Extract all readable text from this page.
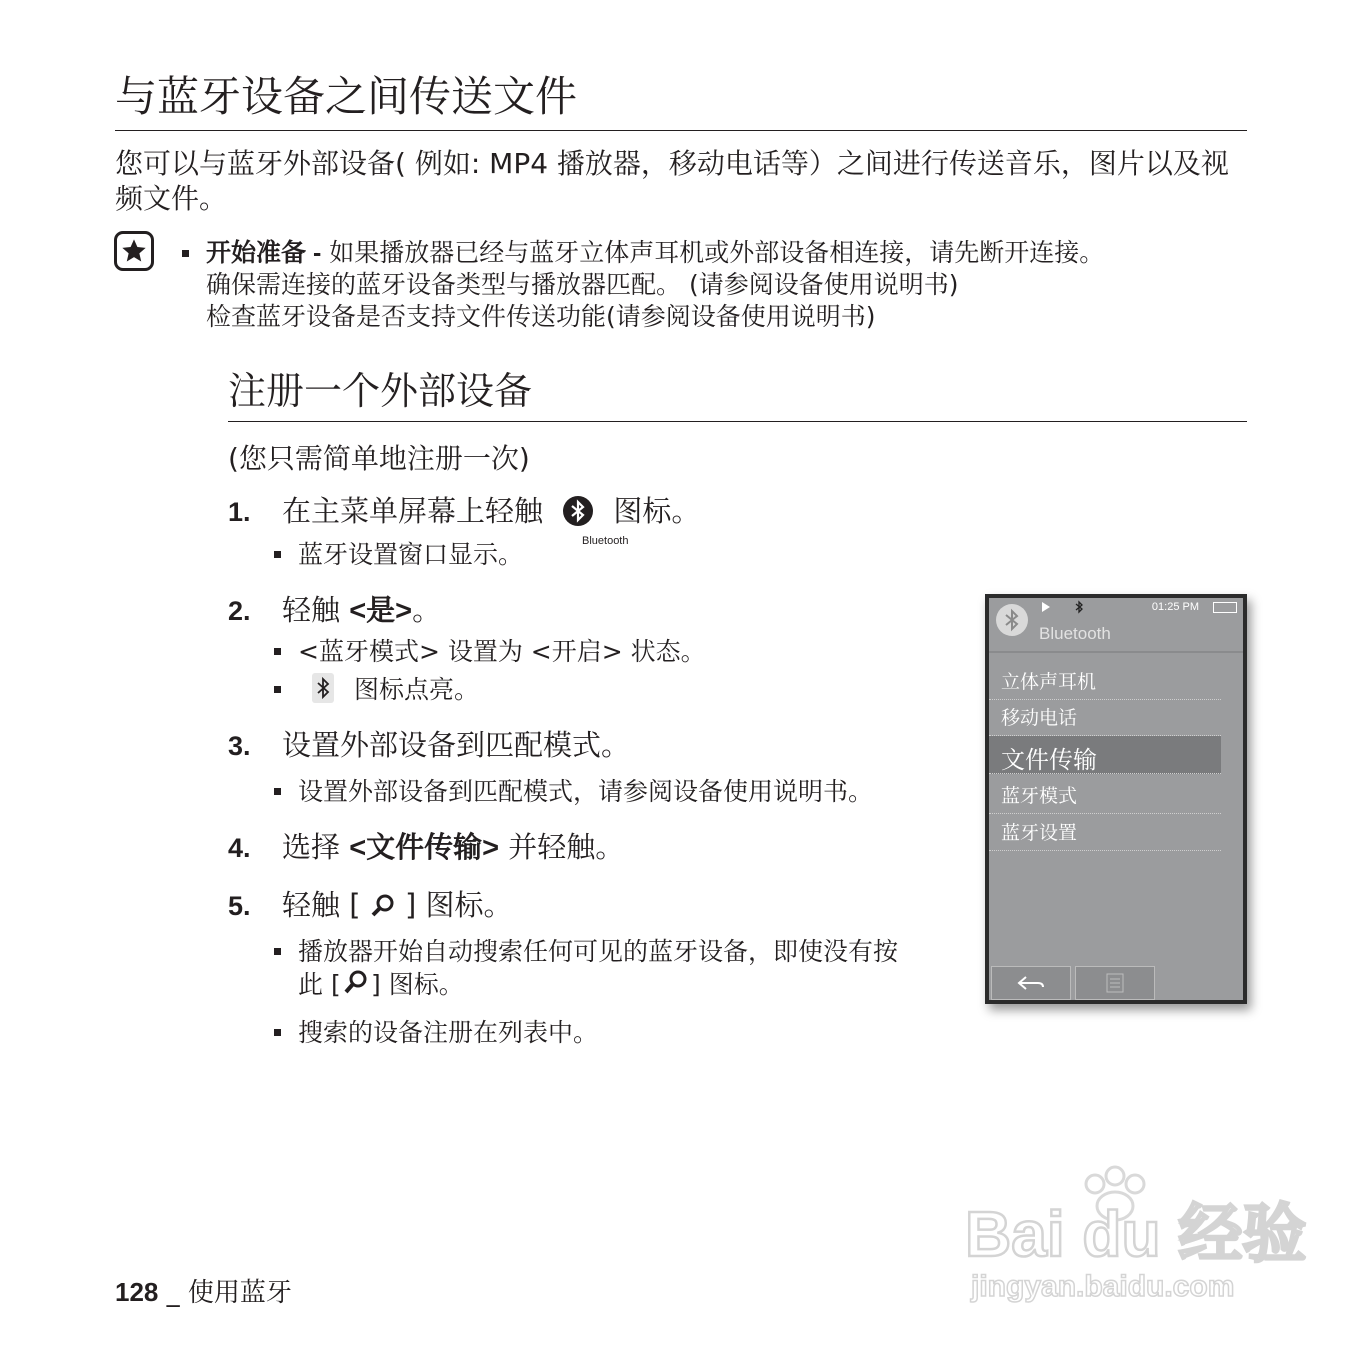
与蓝牙设备之间传送文件
您可以与蓝牙外部设备( 例如: MP4 播放器，移动电话等）之间进行传送音乐，图片以及视频文件。
开始准备 - 如果播放器已经与蓝牙立体声耳机或外部设备相连接，请先断开连接。
确保需连接的蓝牙设备类型与播放器匹配。 (请参阅设备使用说明书)
检查蓝牙设备是否支持文件传送功能(请参阅设备使用说明书)
注册一个外部设备
(您只需简单地注册一次)
1. 在主菜单屏幕上轻触  图标。
Bluetooth
蓝牙设置窗口显示。
2. 轻触 <是>。
<蓝牙模式> 设置为 <开启> 状态。
图标点亮。
3. 设置外部设备到匹配模式。
设置外部设备到匹配模式，请参阅设备使用说明书。
4. 选择 <文件传输> 并轻触。
5. 轻触 [  ] 图标。
播放器开始自动搜索任何可见的蓝牙设备，即使没有按
此 [ ] 图标。
搜索的设备注册在列表中。
01:25 PM
Bluetooth
立体声耳机
移动电话
文件传输
蓝牙模式
蓝牙设置
128 _ 使用蓝牙
Bai du 经验
jingyan.baidu.com
